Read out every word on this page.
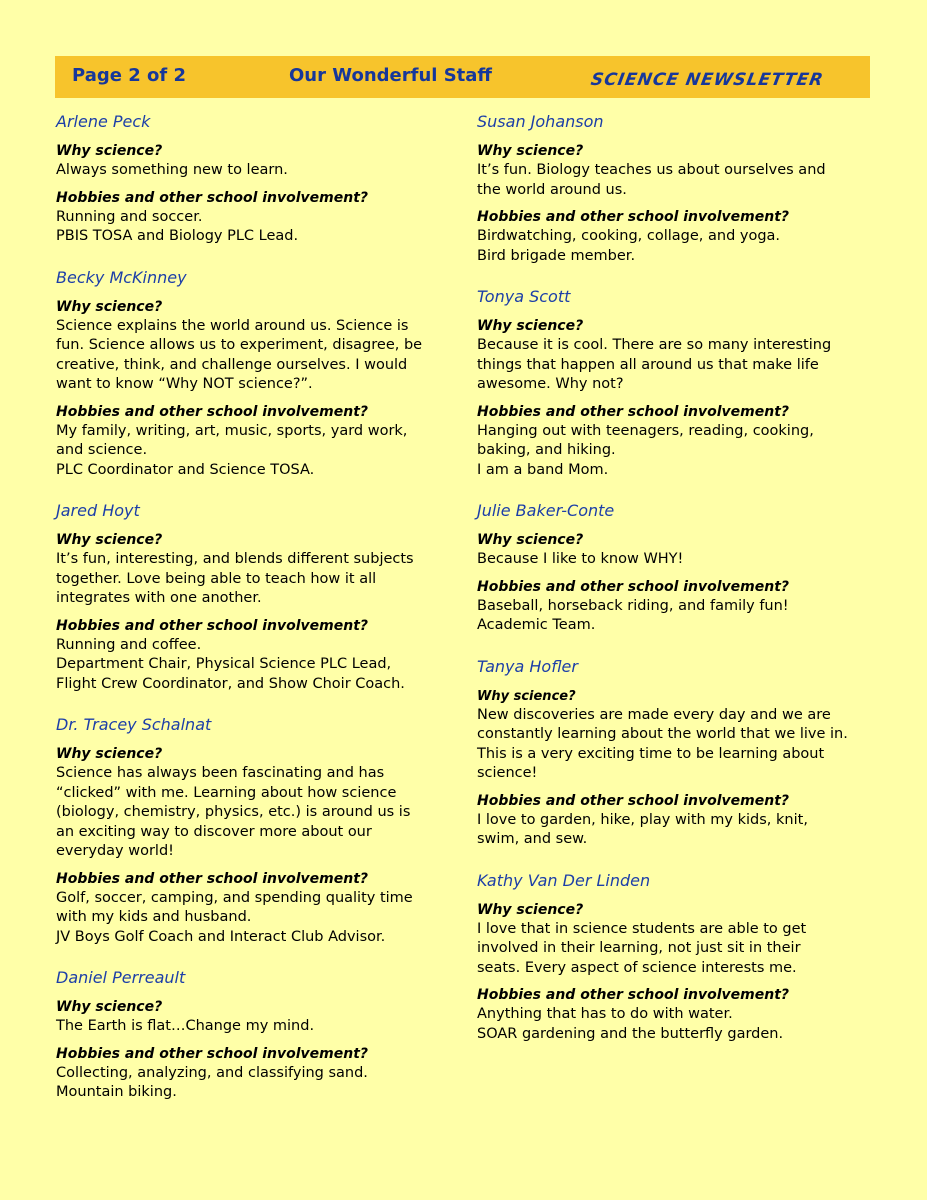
Page 2 of 2	Our Wonderful Staff	SCIENCE NEWSLETTER
Arlene Peck
Why science?
Always something new to learn.
Hobbies and other school involvement?
Running and soccer.
PBIS TOSA and Biology PLC Lead.
Becky McKinney
Why science?
Science explains the world around us. Science is
fun. Science allows us to experiment, disagree, be
creative, think, and challenge ourselves. I would
want to know “Why NOT science?”.
Hobbies and other school involvement?
My family, writing, art, music, sports, yard work,
and science.
PLC Coordinator and Science TOSA.
Jared Hoyt
Why science?
It’s fun, interesting, and blends different subjects
together. Love being able to teach how it all
integrates with one another.
Hobbies and other school involvement?
Running and coffee.
Department Chair, Physical Science PLC Lead,
Flight Crew Coordinator, and Show Choir Coach.
Dr. Tracey Schalnat
Why science?
Science has always been fascinating and has
“clicked” with me. Learning about how science
(biology, chemistry, physics, etc.) is around us is
an exciting way to discover more about our
everyday world!
Hobbies and other school involvement?
Golf, soccer, camping, and spending quality time
with my kids and husband.
JV Boys Golf Coach and Interact Club Advisor.
Daniel Perreault
Why science?
The Earth is flat…Change my mind.
Hobbies and other school involvement?
Collecting, analyzing, and classifying sand.
Mountain biking.
Susan Johanson
Why science?
It’s fun. Biology teaches us about ourselves and
the world around us.
Hobbies and other school involvement?
Birdwatching, cooking, collage, and yoga.
Bird brigade member.
Tonya Scott
Why science?
Because it is cool. There are so many interesting
things that happen all around us that make life
awesome. Why not?
Hobbies and other school involvement?
Hanging out with teenagers, reading, cooking,
baking, and hiking.
I am a band Mom.
Julie Baker-Conte
Why science?
Because I like to know WHY!
Hobbies and other school involvement?
Baseball, horseback riding, and family fun!
Academic Team.
Tanya Hofler
Why science?
New discoveries are made every day and we are
constantly learning about the world that we live in.
This is a very exciting time to be learning about
science!
Hobbies and other school involvement?
I love to garden, hike, play with my kids, knit,
swim, and sew.
Kathy Van Der Linden
Why science?
I love that in science students are able to get
involved in their learning, not just sit in their
seats. Every aspect of science interests me.
Hobbies and other school involvement?
Anything that has to do with water.
SOAR gardening and the butterfly garden.
